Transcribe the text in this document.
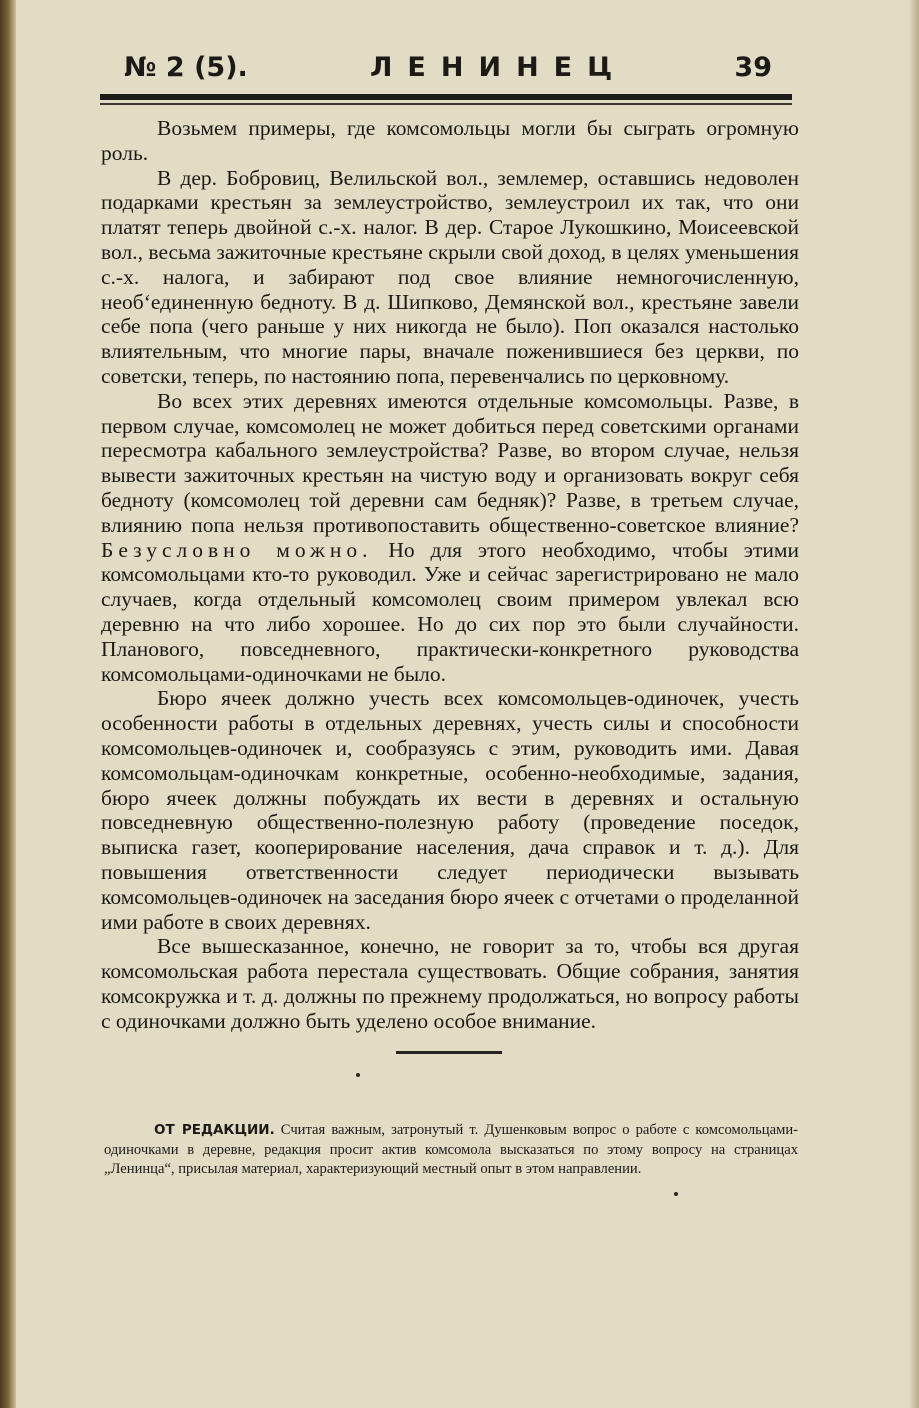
№ 2 (5).	ЛЕНИНЕЦ	39

Возьмем примеры, где комсомольцы могли бы сыграть огромную роль.

В дер. Бобровиц, Велильской вол., землемер, оставшись недоволен подарками крестьян за землеустройство, землеустроил их так, что они платят теперь двойной с.-х. налог. В дер. Старое Лукошкино, Моисеевской вол., весьма зажиточные крестьяне скрыли свой доход, в целях уменьшения с.-х. налога, и забирают под свое влияние немногочисленную, необ‘единенную бедноту. В д. Шипково, Демянской вол., крестьяне завели себе попа (чего раньше у них никогда не было). Поп оказался настолько влиятельным, что многие пары, вначале поженившиеся без церкви, по советски, теперь, по настоянию попа, перевенчались по церковному.

Во всех этих деревнях имеются отдельные комсомольцы. Разве, в первом случае, комсомолец не может добиться перед советскими органами пересмотра кабального землеустройства? Разве, во втором случае, нельзя вывести зажиточных крестьян на чистую воду и организовать вокруг себя бедноту (комсомолец той деревни сам бедняк)? Разве, в третьем случае, влиянию попа нельзя противопоставить общественно-советское влияние? Безусловно можно. Но для этого необходимо, чтобы этими комсомольцами кто-то руководил. Уже и сейчас зарегистрировано не мало случаев, когда отдельный комсомолец своим примером увлекал всю деревню на что либо хорошее. Но до сих пор это были случайности. Планового, повседневного, практически-конкретного руководства комсомольцами-одиночками не было.

Бюро ячеек должно учесть всех комсомольцев-одиночек, учесть особенности работы в отдельных деревнях, учесть силы и способности комсомольцев-одиночек и, сообразуясь с этим, руководить ими. Давая комсомольцам-одиночкам конкретные, особенно-необходимые, задания, бюро ячеек должны побуждать их вести в деревнях и остальную повседневную общественно-полезную работу (проведение поседок, выписка газет, кооперирование населения, дача справок и т. д.). Для повышения ответственности следует периодически вызывать комсомольцев-одиночек на заседания бюро ячеек с отчетами о проделанной ими работе в своих деревнях.

Все вышесказанное, конечно, не говорит за то, чтобы вся другая комсомольская работа перестала существовать. Общие собрания, занятия комсокружка и т. д. должны по прежнему продолжаться, но вопросу работы с одиночками должно быть уделено особое внимание.

ОТ РЕДАКЦИИ. Считая важным, затронутый т. Душенковым вопрос о работе с комсомольцами-одиночками в деревне, редакция просит актив комсомола высказаться по этому вопросу на страницах „Ленинца“, присылая материал, характеризующий местный опыт в этом направлении.
